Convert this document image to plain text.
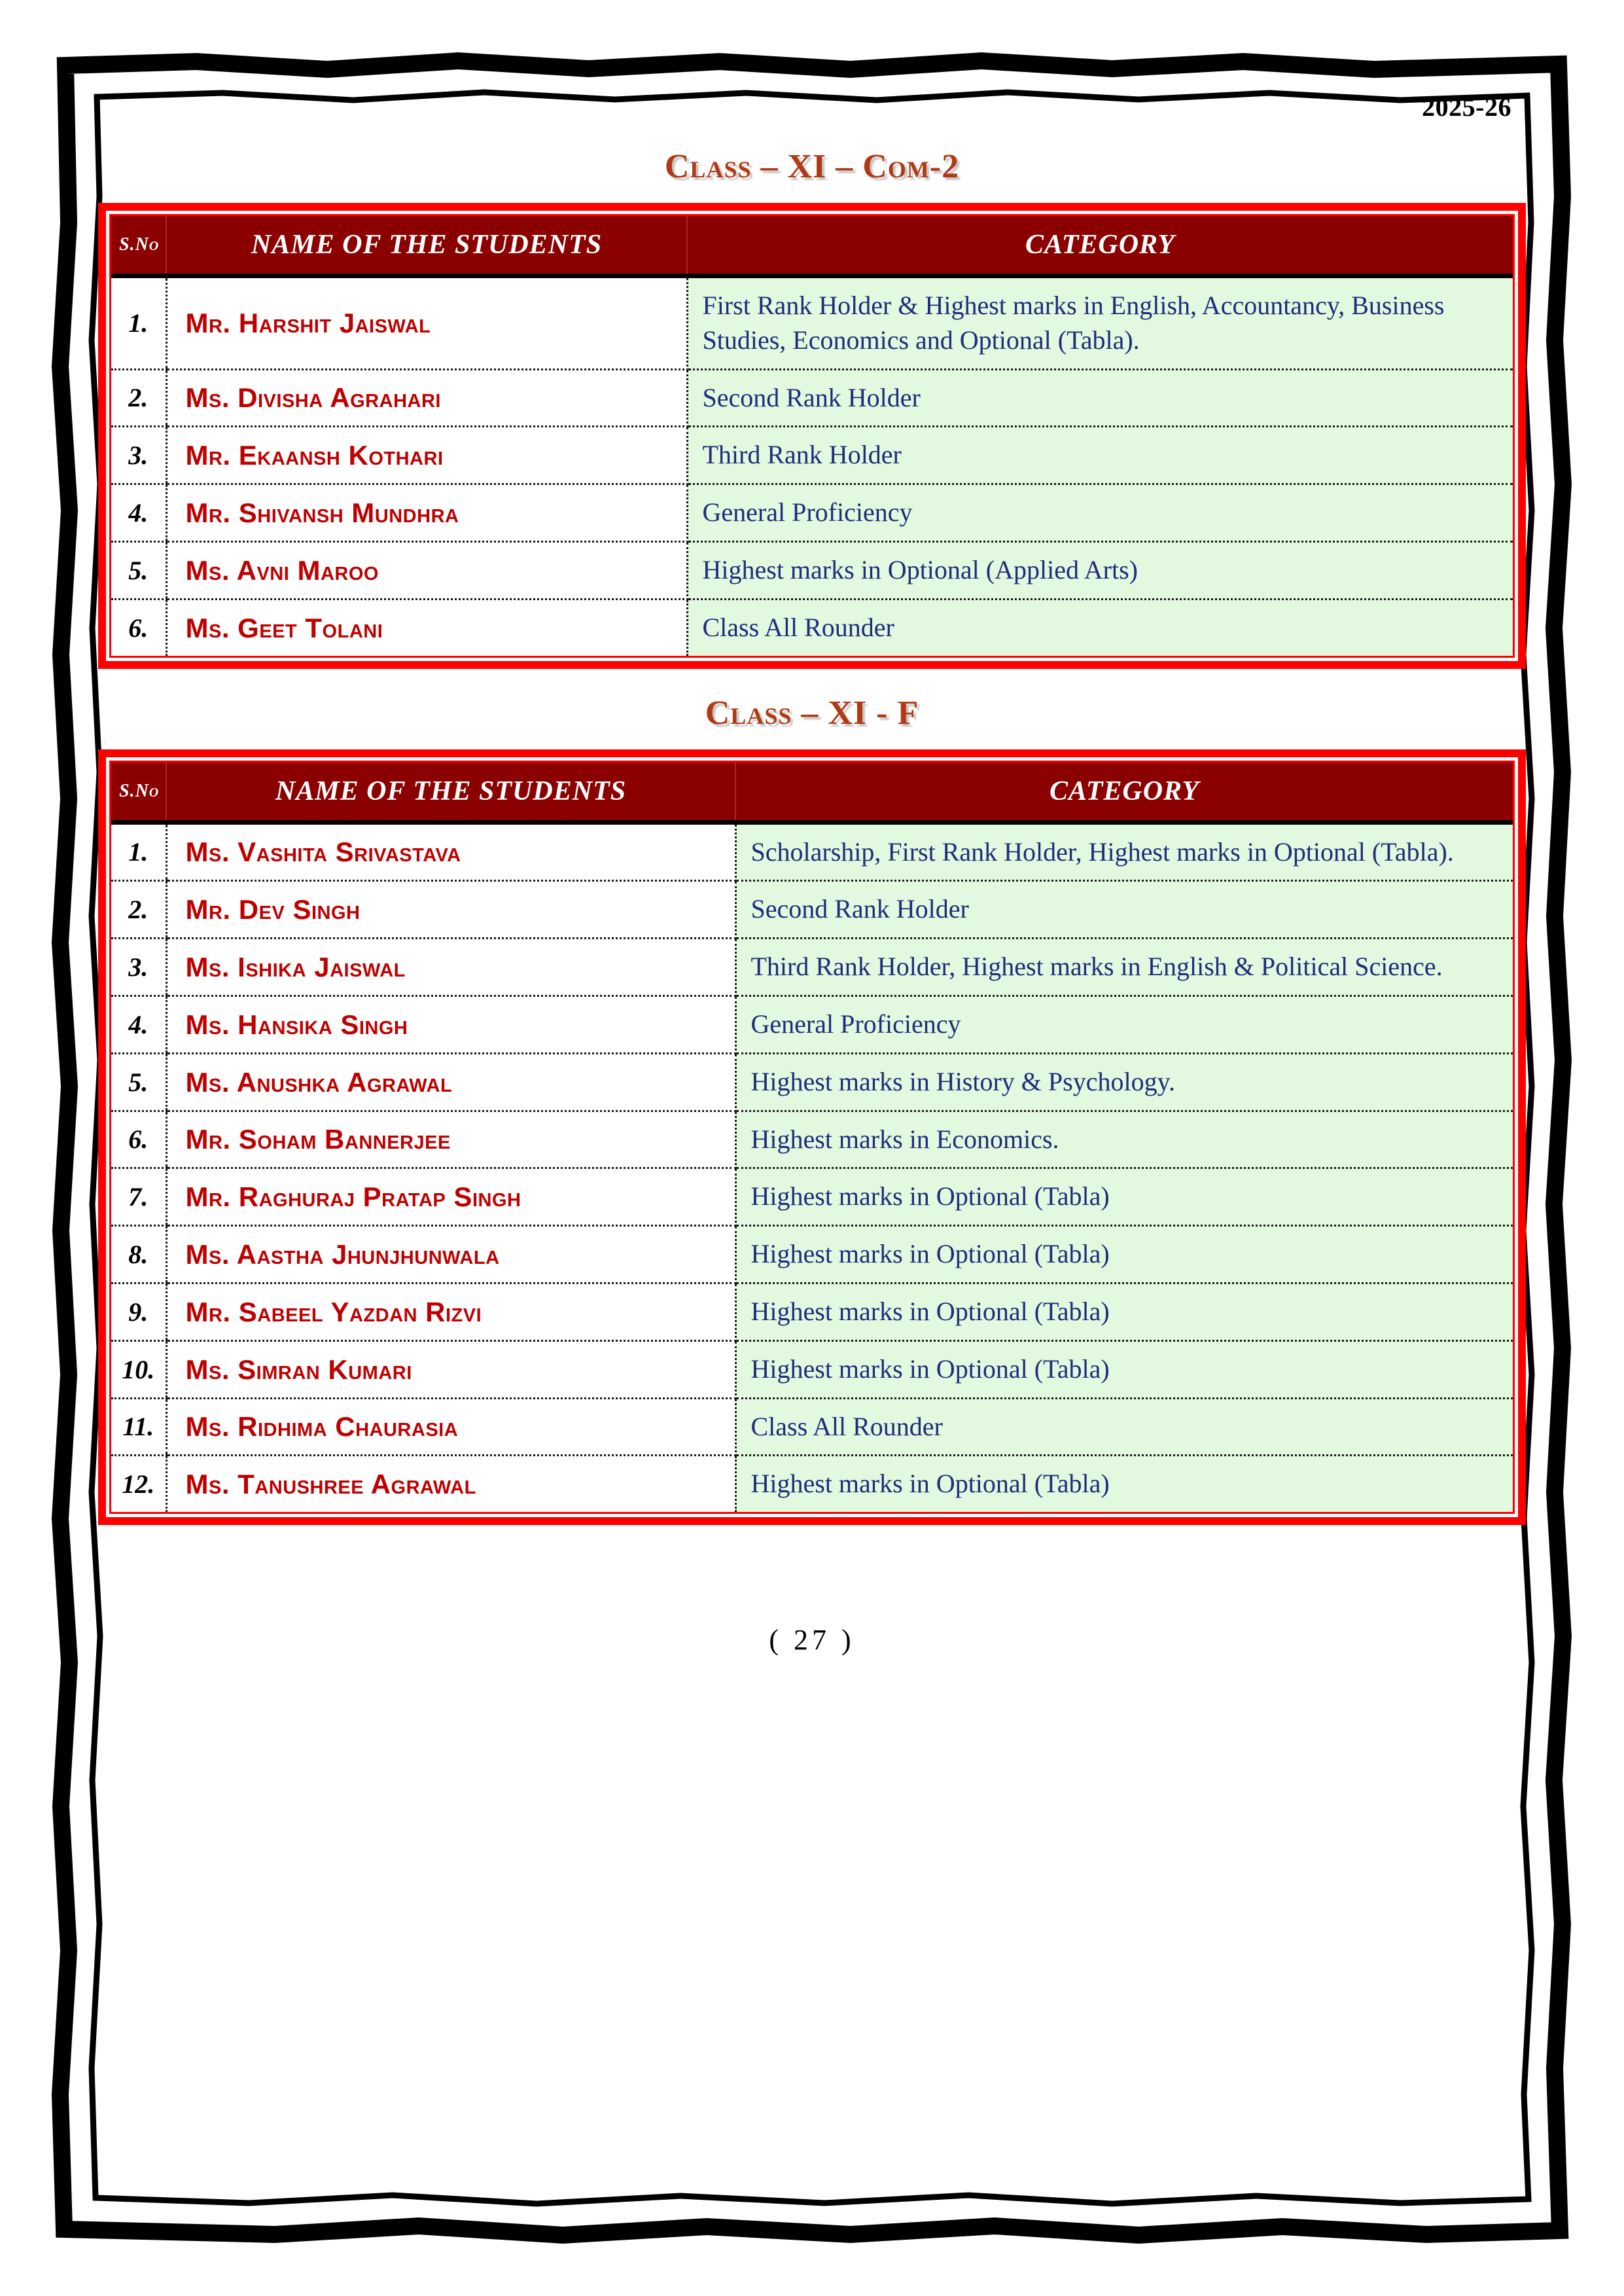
2025-26
Class – XI – Com-2
S.No	NAME OF THE STUDENTS	CATEGORY
1.	Mr. Harshit Jaiswal	First Rank Holder & Highest marks in English, Accountancy, Business Studies, Economics and Optional (Tabla).
2.	Ms. Divisha Agrahari	Second Rank Holder
3.	Mr. Ekaansh Kothari	Third Rank Holder
4.	Mr. Shivansh Mundhra	General Proficiency
5.	Ms. Avni Maroo	Highest marks in Optional (Applied Arts)
6.	Ms. Geet Tolani	Class All Rounder
Class – XI - F
S.No	NAME OF THE STUDENTS	CATEGORY
1.	Ms. Vashita Srivastava	Scholarship, First Rank Holder, Highest marks in Optional (Tabla).
2.	Mr. Dev Singh	Second Rank Holder
3.	Ms. Ishika Jaiswal	Third Rank Holder, Highest marks in English & Political Science.
4.	Ms. Hansika Singh	General Proficiency
5.	Ms. Anushka Agrawal	Highest marks in History & Psychology.
6.	Mr. Soham Bannerjee	Highest marks in Economics.
7.	Mr. Raghuraj Pratap Singh	Highest marks in Optional (Tabla)
8.	Ms. Aastha Jhunjhunwala	Highest marks in Optional (Tabla)
9.	Mr. Sabeel Yazdan Rizvi	Highest marks in Optional (Tabla)
10.	Ms. Simran Kumari	Highest marks in Optional (Tabla)
11.	Ms. Ridhima Chaurasia	Class All Rounder
12.	Ms. Tanushree Agrawal	Highest marks in Optional (Tabla)
( 27 )
